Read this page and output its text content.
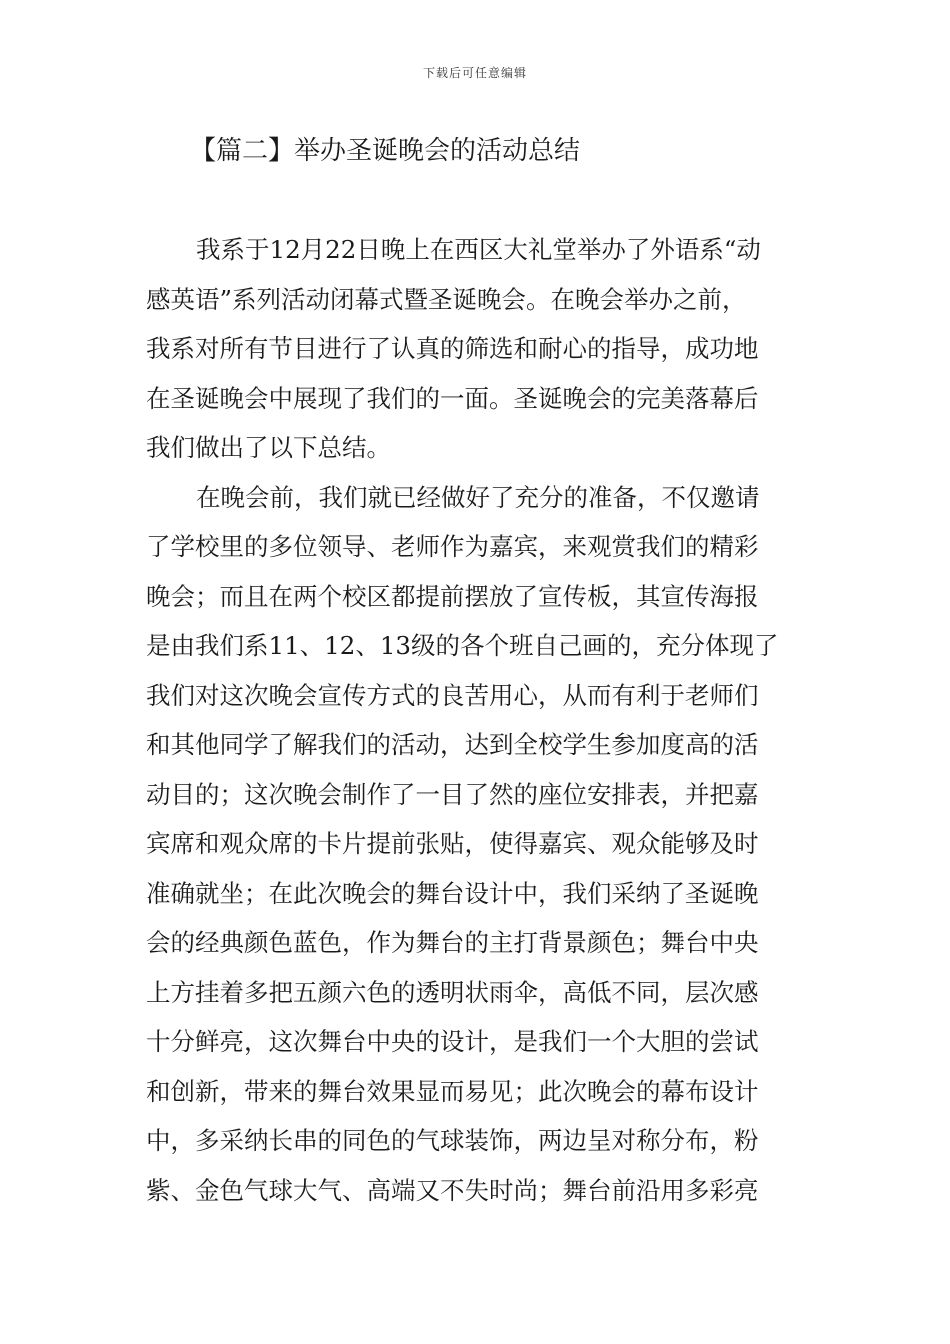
下载后可任意编辑
【篇二】举办圣诞晚会的活动总结
我系于12月22日晚上在西区大礼堂举办了外语系“动
感英语”系列活动闭幕式暨圣诞晚会。在晚会举办之前，
我系对所有节目进行了认真的筛选和耐心的指导，成功地
在圣诞晚会中展现了我们的一面。圣诞晚会的完美落幕后
我们做出了以下总结。
在晚会前，我们就已经做好了充分的准备，不仅邀请
了学校里的多位领导、老师作为嘉宾，来观赏我们的精彩
晚会；而且在两个校区都提前摆放了宣传板，其宣传海报
是由我们系11、12、13级的各个班自己画的，充分体现了
我们对这次晚会宣传方式的良苦用心，从而有利于老师们
和其他同学了解我们的活动，达到全校学生参加度高的活
动目的；这次晚会制作了一目了然的座位安排表，并把嘉
宾席和观众席的卡片提前张贴，使得嘉宾、观众能够及时
准确就坐；在此次晚会的舞台设计中，我们采纳了圣诞晚
会的经典颜色蓝色，作为舞台的主打背景颜色；舞台中央
上方挂着多把五颜六色的透明状雨伞，高低不同，层次感
十分鲜亮，这次舞台中央的设计，是我们一个大胆的尝试
和创新，带来的舞台效果显而易见；此次晚会的幕布设计
中，多采纳长串的同色的气球装饰，两边呈对称分布，粉
紫、金色气球大气、高端又不失时尚；舞台前沿用多彩亮
